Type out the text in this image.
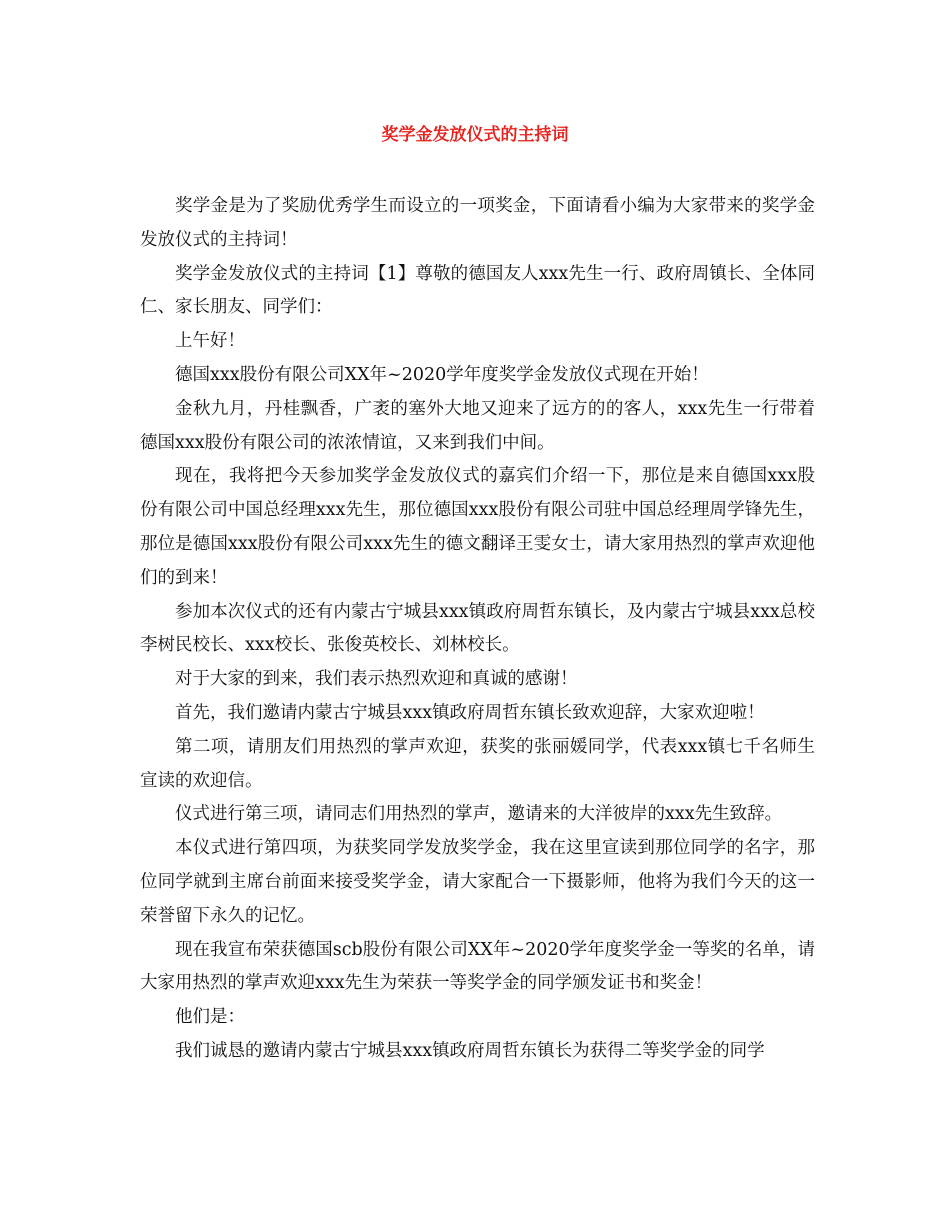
奖学金发放仪式的主持词

奖学金是为了奖励优秀学生而设立的一项奖金，下面请看小编为大家带来的奖学金发放仪式的主持词！

奖学金发放仪式的主持词【1】尊敬的德国友人xxx先生一行、政府周镇长、全体同仁、家长朋友、同学们：

上午好！

德国xxx股份有限公司XX年~2020学年度奖学金发放仪式现在开始！

金秋九月，丹桂飘香，广袤的塞外大地又迎来了远方的的客人，xxx先生一行带着德国xxx股份有限公司的浓浓情谊，又来到我们中间。

现在，我将把今天参加奖学金发放仪式的嘉宾们介绍一下，那位是来自德国xxx股份有限公司中国总经理xxx先生，那位德国xxx股份有限公司驻中国总经理周学锋先生，那位是德国xxx股份有限公司xxx先生的德文翻译王雯女士，请大家用热烈的掌声欢迎他们的到来！

参加本次仪式的还有内蒙古宁城县xxx镇政府周哲东镇长，及内蒙古宁城县xxx总校李树民校长、xxx校长、张俊英校长、刘林校长。

对于大家的到来，我们表示热烈欢迎和真诚的感谢！

首先，我们邀请内蒙古宁城县xxx镇政府周哲东镇长致欢迎辞，大家欢迎啦！

第二项，请朋友们用热烈的掌声欢迎，获奖的张丽媛同学，代表xxx镇七千名师生宣读的欢迎信。

仪式进行第三项，请同志们用热烈的掌声，邀请来的大洋彼岸的xxx先生致辞。

本仪式进行第四项，为获奖同学发放奖学金，我在这里宣读到那位同学的名字，那位同学就到主席台前面来接受奖学金，请大家配合一下摄影师，他将为我们今天的这一荣誉留下永久的记忆。

现在我宣布荣获德国scb股份有限公司XX年~2020学年度奖学金一等奖的名单，请大家用热烈的掌声欢迎xxx先生为荣获一等奖学金的同学颁发证书和奖金！

他们是：

我们诚恳的邀请内蒙古宁城县xxx镇政府周哲东镇长为获得二等奖学金的同学
